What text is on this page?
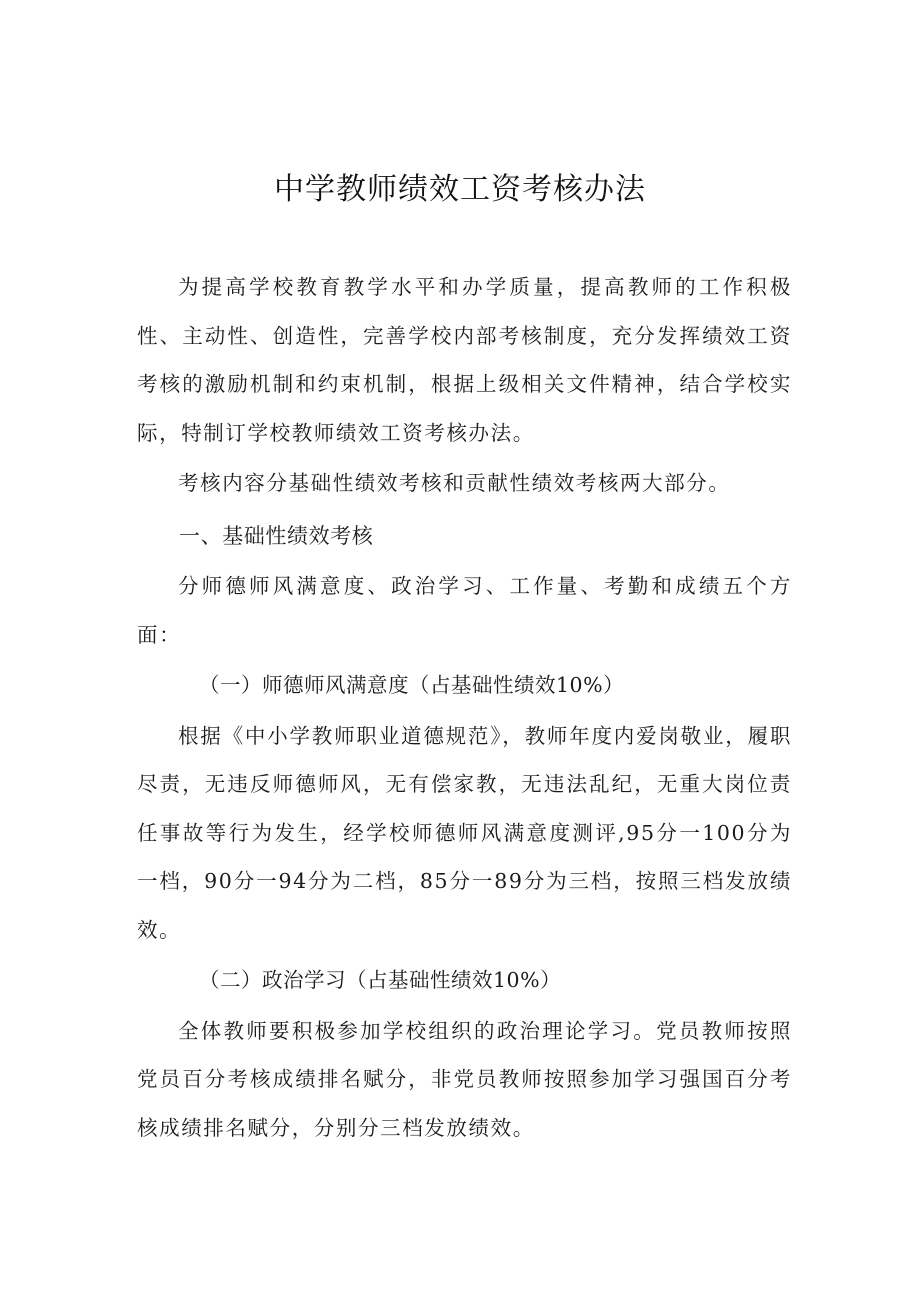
中学教师绩效工资考核办法

为提高学校教育教学水平和办学质量，提高教师的工作积极性、主动性、创造性，完善学校内部考核制度，充分发挥绩效工资考核的激励机制和约束机制，根据上级相关文件精神，结合学校实际，特制订学校教师绩效工资考核办法。

考核内容分基础性绩效考核和贡献性绩效考核两大部分。

一、基础性绩效考核

分师德师风满意度、政治学习、工作量、考勤和成绩五个方面：

（一）师德师风满意度（占基础性绩效10%）

根据《中小学教师职业道德规范》，教师年度内爱岗敬业，履职尽责，无违反师德师风，无有偿家教，无违法乱纪，无重大岗位责任事故等行为发生，经学校师德师风满意度测评,95分一100分为一档，90分一94分为二档，85分一89分为三档，按照三档发放绩效。

（二）政治学习（占基础性绩效10%）

全体教师要积极参加学校组织的政治理论学习。党员教师按照党员百分考核成绩排名赋分，非党员教师按照参加学习强国百分考核成绩排名赋分，分别分三档发放绩效。
